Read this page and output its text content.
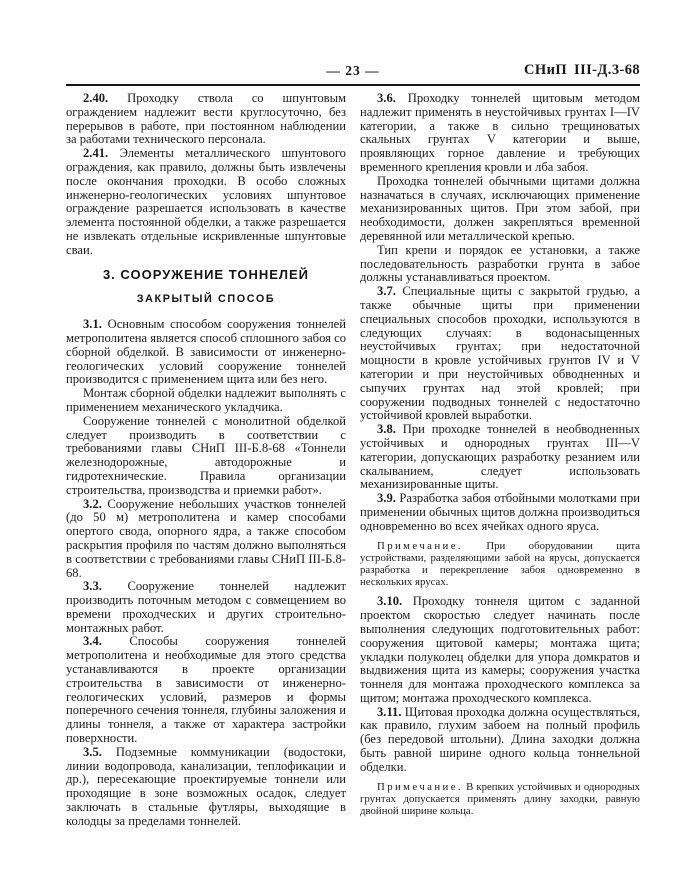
— 23 —	СНиП III-Д.3-68

2.40. Проходку ствола со шпунтовым ограждением надлежит вести круглосуточно, без перерывов в работе, при постоянном наблюдении за работами технического персонала.

2.41. Элементы металлического шпунтового ограждения, как правило, должны быть извлечены после окончания проходки. В особо сложных инженерно-геологических условиях шпунтовое ограждение разрешается использовать в качестве элемента постоянной обделки, а также разрешается не извлекать отдельные искривленные шпунтовые сваи.

3. СООРУЖЕНИЕ ТОННЕЛЕЙ
ЗАКРЫТЫЙ СПОСОБ

3.1. Основным способом сооружения тоннелей метрополитена является способ сплошного забоя со сборной обделкой. В зависимости от инженерно-геологических условий сооружение тоннелей производится с применением щита или без него.

Монтаж сборной обделки надлежит выполнять с применением механического укладчика.

Сооружение тоннелей с монолитной обделкой следует производить в соответствии с требованиями главы СНиП III-Б.8-68 «Тоннели железнодорожные, автодорожные и гидротехнические. Правила организации строительства, производства и приемки работ».

3.2. Сооружение небольших участков тоннелей (до 50 м) метрополитена и камер способами опертого свода, опорного ядра, а также способом раскрытия профиля по частям должно выполняться в соответствии с требованиями главы СНиП III-Б.8-68.

3.3. Сооружение тоннелей надлежит производить поточным методом с совмещением во времени проходческих и других строительно-монтажных работ.

3.4. Способы сооружения тоннелей метрополитена и необходимые для этого средства устанавливаются в проекте организации строительства в зависимости от инженерно-геологических условий, размеров и формы поперечного сечения тоннеля, глубины заложения и длины тоннеля, а также от характера застройки поверхности.

3.5. Подземные коммуникации (водостоки, линии водопровода, канализации, теплофикации и др.), пересекающие проектируемые тоннели или проходящие в зоне возможных осадок, следует заключать в стальные футляры, выходящие в колодцы за пределами тоннелей.

3.6. Проходку тоннелей щитовым методом надлежит применять в неустойчивых грунтах I—IV категории, а также в сильно трещиноватых скальных грунтах V категории и выше, проявляющих горное давление и требующих временного крепления кровли и лба забоя.

Проходка тоннелей обычными щитами должна назначаться в случаях, исключающих применение механизированных щитов. При этом забой, при необходимости, должен закрепляться временной деревянной или металлической крепью.

Тип крепи и порядок ее установки, а также последовательность разработки грунта в забое должны устанавливаться проектом.

3.7. Специальные щиты с закрытой грудью, а также обычные щиты при применении специальных способов проходки, используются в следующих случаях: в водонасыщенных неустойчивых грунтах; при недостаточной мощности в кровле устойчивых грунтов IV и V категории и при неустойчивых обводненных и сыпучих грунтах над этой кровлей; при сооружении подводных тоннелей с недостаточно устойчивой кровлей выработки.

3.8. При проходке тоннелей в необводненных устойчивых и однородных грунтах III—V категории, допускающих разработку резанием или скалыванием, следует использовать механизированные щиты.

3.9. Разработка забоя отбойными молотками при применении обычных щитов должна производиться одновременно во всех ячейках одного яруса.

Примечание. При оборудовании щита устройствами, разделяющими забой на ярусы, допускается разработка и перекрепление забоя одновременно в нескольких ярусах.

3.10. Проходку тоннеля щитом с заданной проектом скоростью следует начинать после выполнения следующих подготовительных работ: сооружения щитовой камеры; монтажа щита; укладки полуколец обделки для упора домкратов и выдвижения щита из камеры; сооружения участка тоннеля для монтажа проходческого комплекса за щитом; монтажа проходческого комплекса.

3.11. Щитовая проходка должна осуществляться, как правило, глухим забоем на полный профиль (без передовой штольни). Длина заходки должна быть равной ширине одного кольца тоннельной обделки.

Примечание. В крепких устойчивых и однородных грунтах допускается применять длину заходки, равную двойной ширине кольца.
